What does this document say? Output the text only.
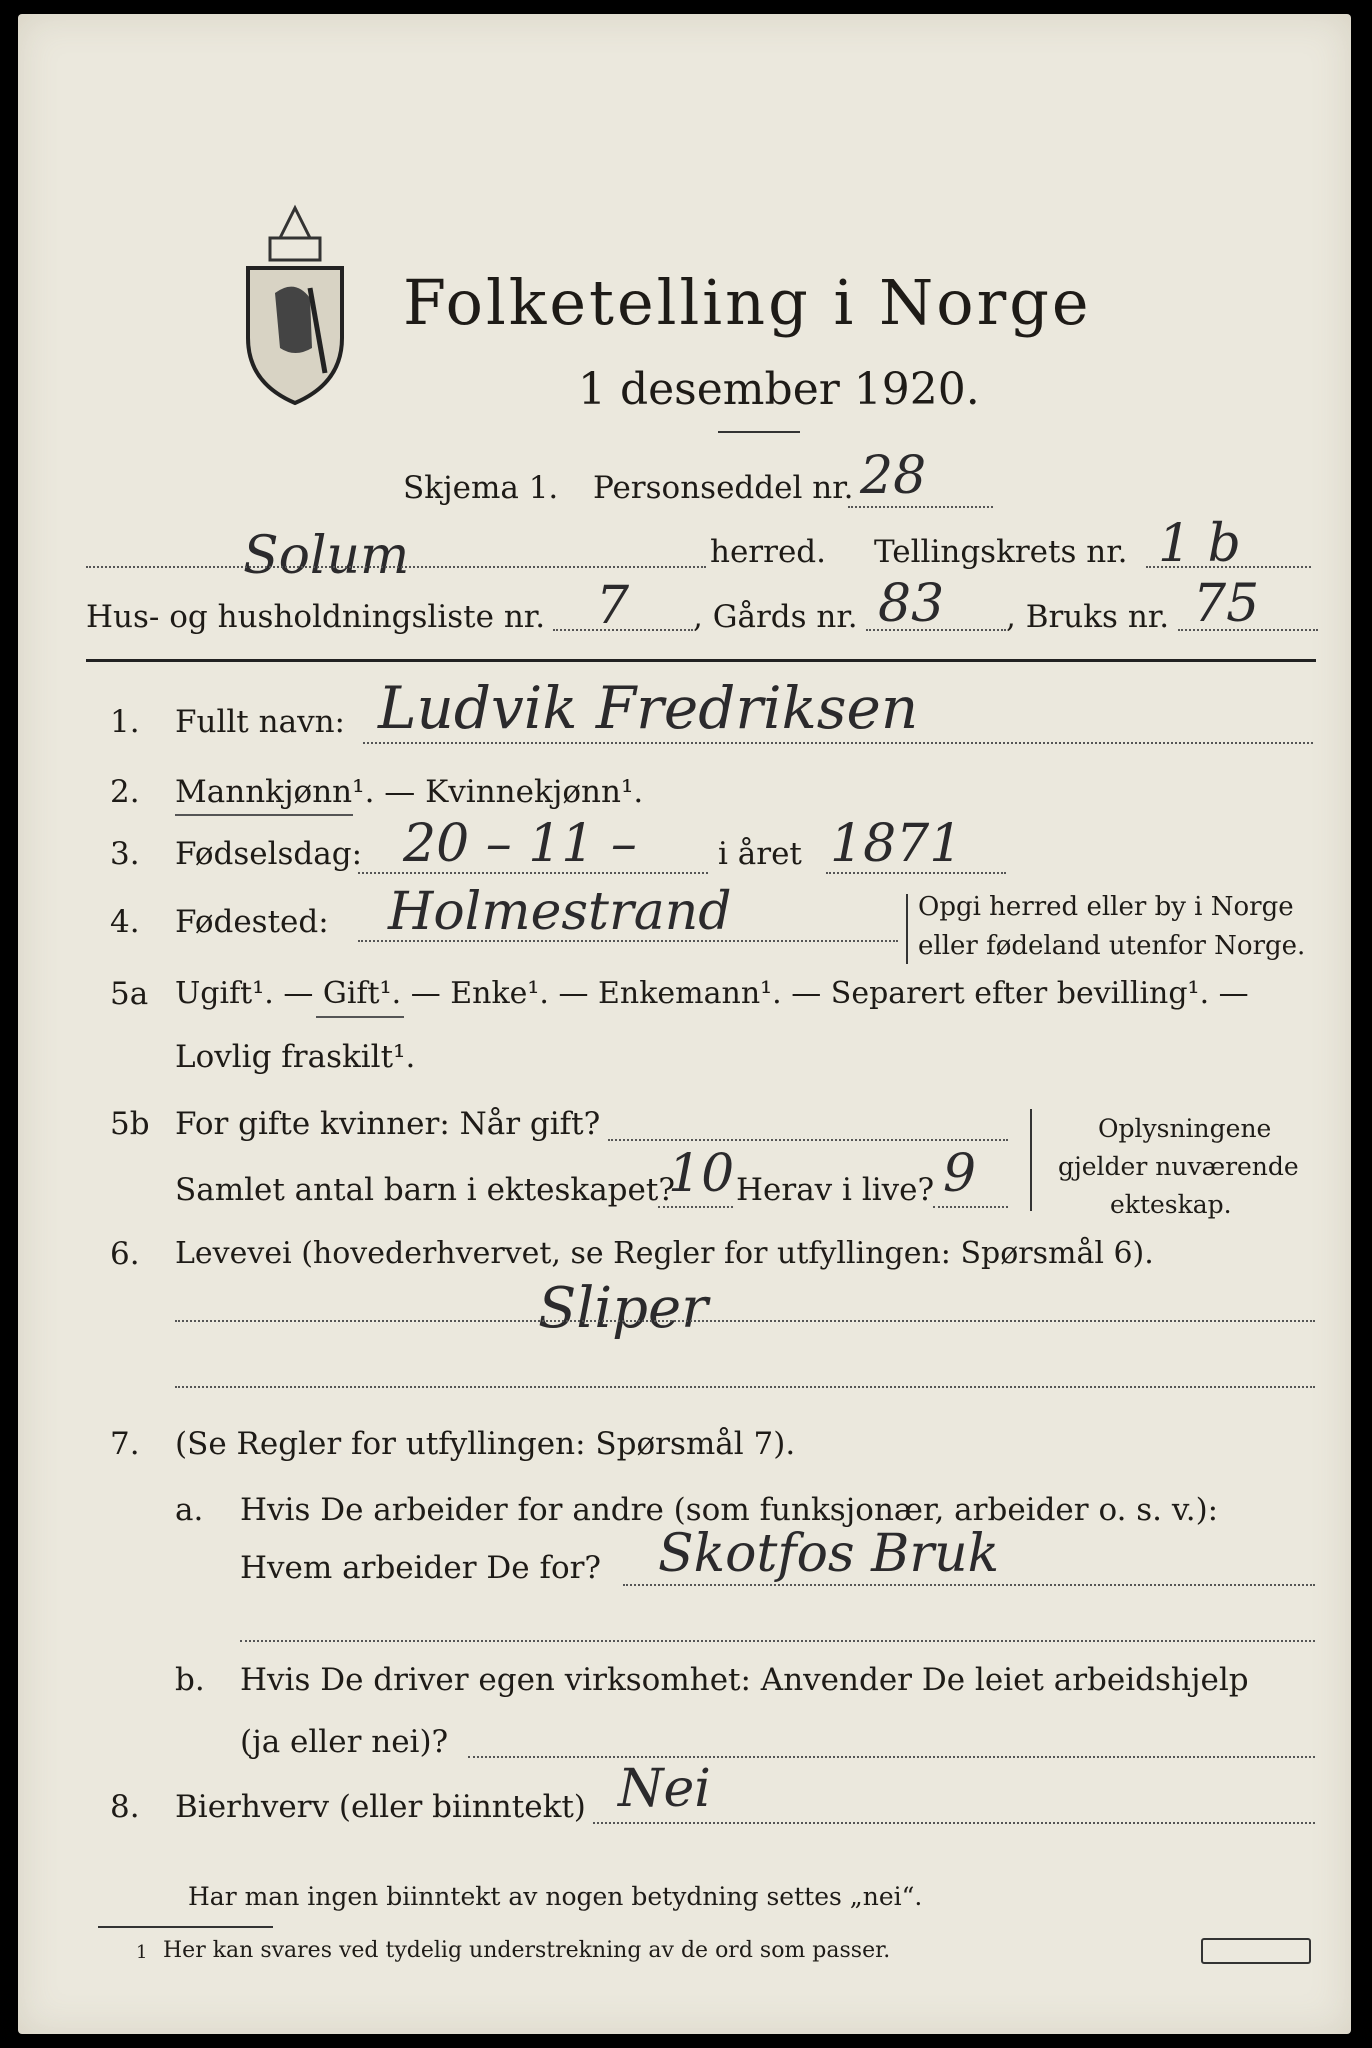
Folketelling i Norge
1 desember 1920.
Skjema 1. Personseddel nr. 28
Solum	herred. Tellingskrets nr. 1 b
Hus- og husholdningsliste nr. 7 , Gårds nr. 83 , Bruks nr. 75
1. Fullt navn: Ludvik Fredriksen
2. Mannkjønn¹. — Kvinnekjønn¹.
3. Fødselsdag: 20 – 11 –	i året 1871
4. Fødested: Holmestrand	Opgi herred eller by i Norge
eller fødeland utenfor Norge.
5a Ugift¹. — Gift¹. — Enke¹. — Enkemann¹. — Separert efter bevilling¹. —
Lovlig fraskilt¹.
5b For gifte kvinner: Når gift?
Samlet antal barn i ekteskapet?
10 Herav i live? 9
Oplysningene
gjelder nuværende
ekteskap.
6. Levevei (hovederhvervet, se Regler for utfyllingen: Spørsmål 6).
Sliper
7. (Se Regler for utfyllingen: Spørsmål 7).
a. Hvis De arbeider for andre (som funksjonær, arbeider o. s. v.):
Hvem arbeider De for? Skotfos Bruk
b. Hvis De driver egen virksomhet: Anvender De leiet arbeidshjelp
(ja eller nei)?
8. Bierhverv (eller biinntekt) Nei
Har man ingen biinntekt av nogen betydning settes „nei“.
1 Her kan svares ved tydelig understrekning av de ord som passer.
